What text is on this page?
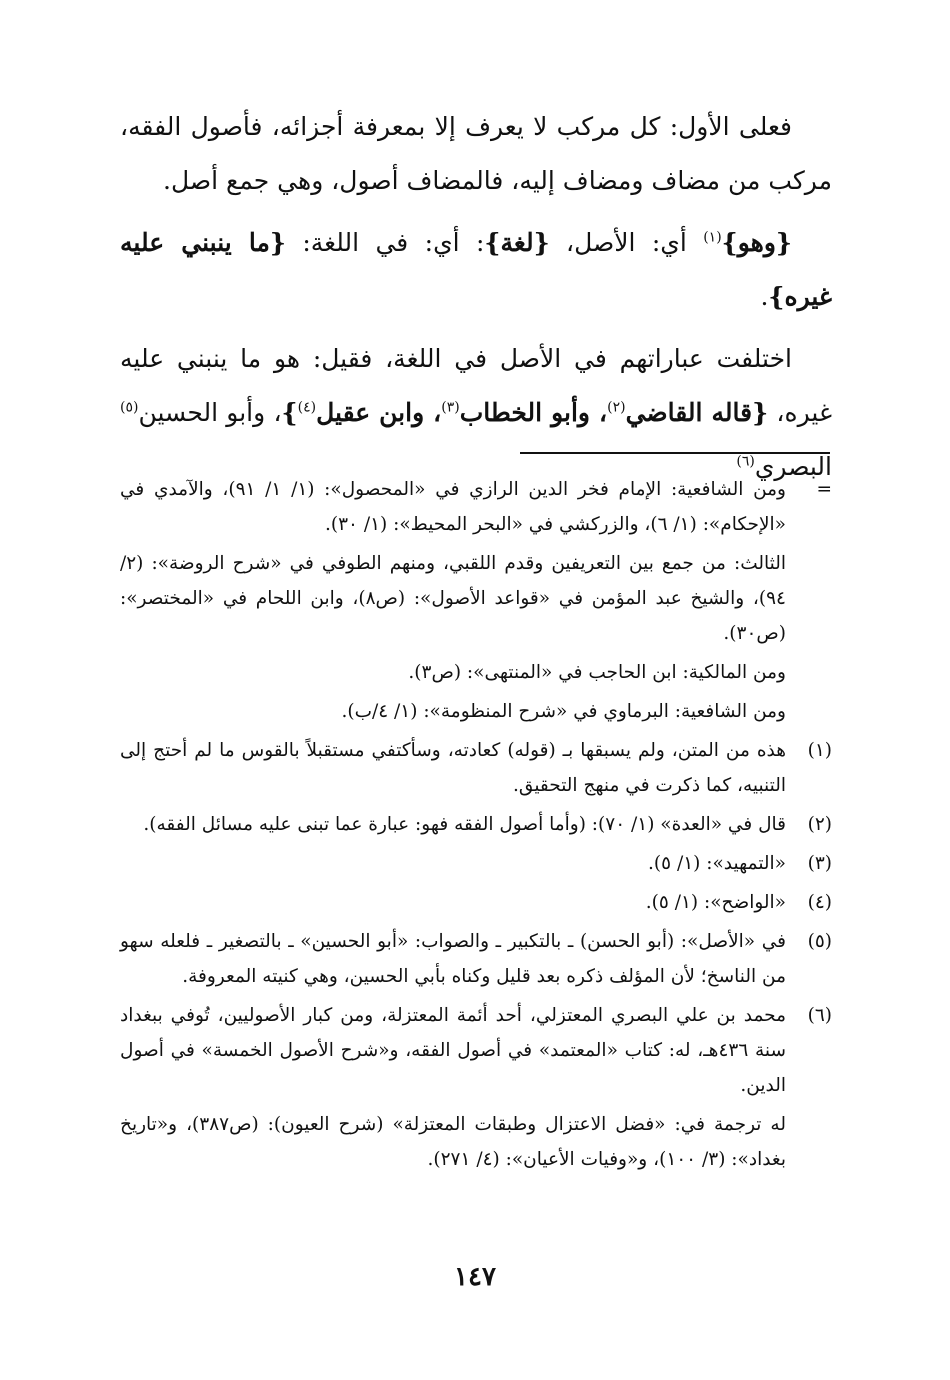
فعلى الأول: كل مركب لا يعرف إلا بمعرفة أجزائه، فأصول الفقه، مركب من مضاف ومضاف إليه، فالمضاف أصول، وهي جمع أصل.

{وهو}$^{(١)}$ أي: الأصل، {لغة}: أي: في اللغة: {ما ينبني عليه غيره}.

اختلفت عباراتهم في الأصل في اللغة، فقيل: هو ما ينبني عليه غيره، {قاله القاضي$^{(٢)}$، وأبو الخطاب$^{(٣)}$، وابن عقيل$^{(٤)}$}، وأبو الحسين$^{(٥)}$ البصري$^{(٦)}$

=
ومن الشافعية: الإمام فخر الدين الرازي في «المحصول»: (١/ ١/ ٩١)، والآمدي في «الإحكام»: (١/ ٦)، والزركشي في «البحر المحيط»: (١/ ٣٠).
الثالث: من جمع بين التعريفين وقدم اللقبي، ومنهم الطوفي في «شرح الروضة»: (٢/ ٩٤)، والشيخ عبد المؤمن في «قواعد الأصول»: (ص٨)، وابن اللحام في «المختصر»: (ص٣٠).
ومن المالكية: ابن الحاجب في «المنتهى»: (ص٣).
ومن الشافعية: البرماوي في «شرح المنظومة»: (١/ ٤/ب).
(١)
هذه من المتن، ولم يسبقها بـ (قوله) كعادته، وسأكتفي مستقبلاً بالقوس ما لم أحتج إلى التنبيه، كما ذكرت في منهج التحقيق.
(٢)
قال في «العدة» (١/ ٧٠): (وأما أصول الفقه فهو: عبارة عما تبنى عليه مسائل الفقه).
(٣)
«التمهيد»: (١/ ٥).
(٤)
«الواضح»: (١/ ٥).
(٥)
في «الأصل»: (أبو الحسن) ـ بالتكبير ـ والصواب: «أبو الحسين» ـ بالتصغير ـ فلعله سهو من الناسخ؛ لأن المؤلف ذكره بعد قليل وكناه بأبي الحسين، وهي كنيته المعروفة.
(٦)
محمد بن علي البصري المعتزلي، أحد أئمة المعتزلة، ومن كبار الأصوليين، تُوفي ببغداد سنة ٤٣٦هـ، له: كتاب «المعتمد» في أصول الفقه، و«شرح الأصول الخمسة» في أصول الدين.
له ترجمة في: «فضل الاعتزال وطبقات المعتزلة» (شرح العيون): (ص٣٨٧)، و«تاريخ بغداد»: (٣/ ١٠٠)، و«وفيات الأعيان»: (٤/ ٢٧١).
١٤٧
